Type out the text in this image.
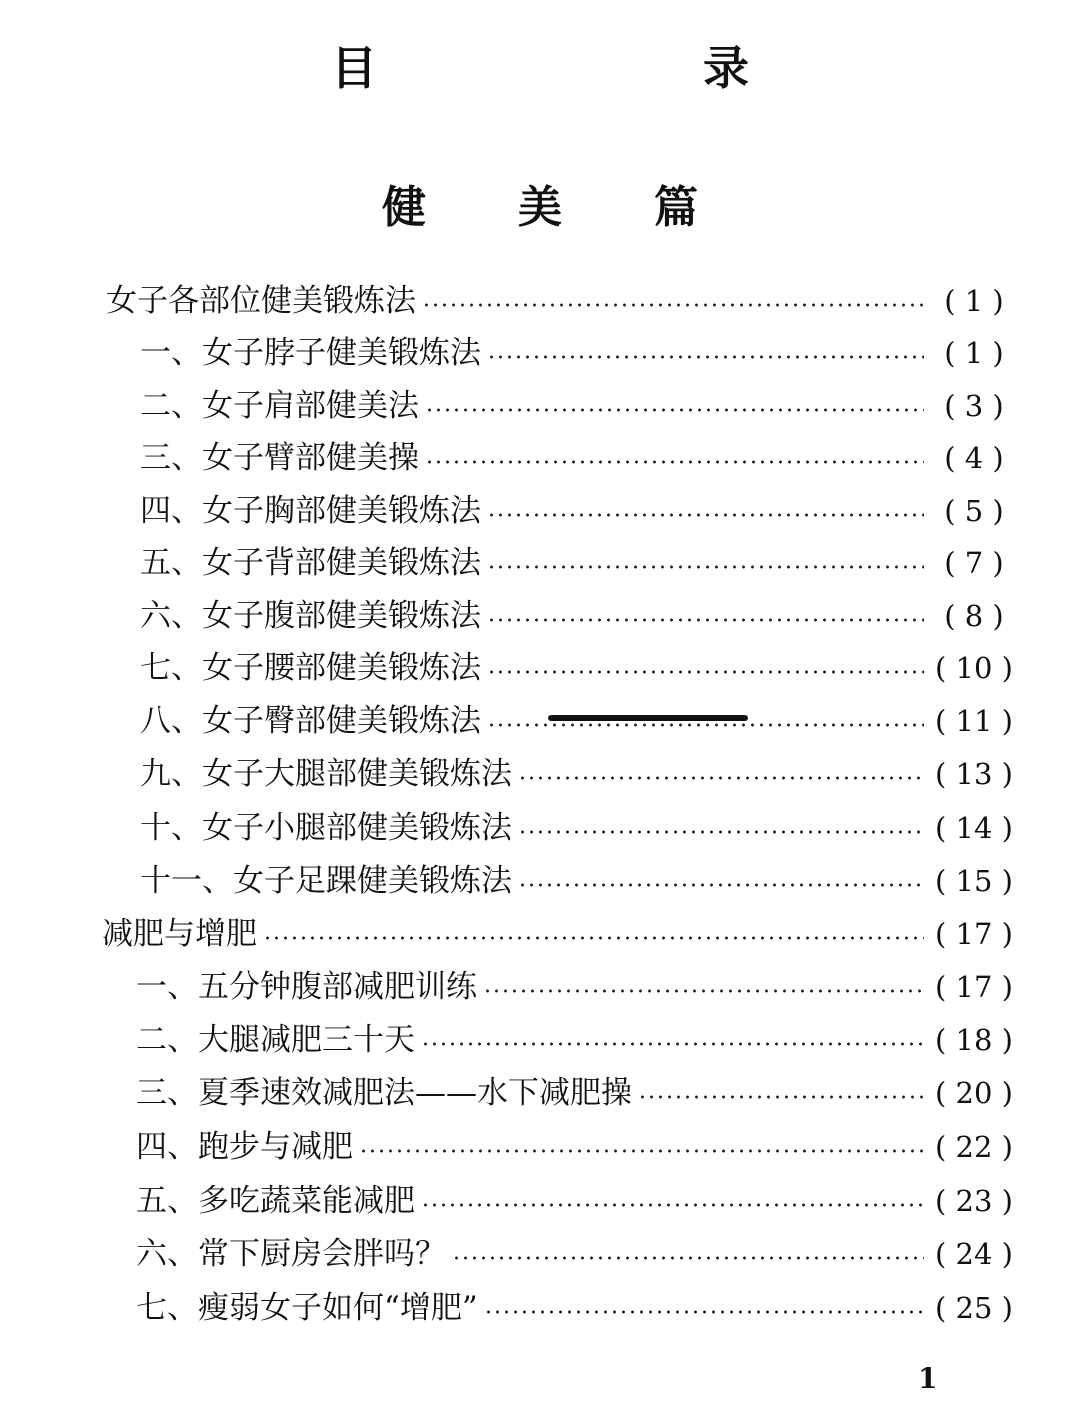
目　录
健美篇
女子各部位健美锻炼法	( 1 )
一、女子脖子健美锻炼法	( 1 )
二、女子肩部健美法	( 3 )
三、女子臂部健美操	( 4 )
四、女子胸部健美锻炼法	( 5 )
五、女子背部健美锻炼法	( 7 )
六、女子腹部健美锻炼法	( 8 )
七、女子腰部健美锻炼法	( 10 )
八、女子臀部健美锻炼法	( 11 )
九、女子大腿部健美锻炼法	( 13 )
十、女子小腿部健美锻炼法	( 14 )
十一、女子足踝健美锻炼法	( 15 )
减肥与增肥	( 17 )
一、五分钟腹部减肥训练	( 17 )
二、大腿减肥三十天	( 18 )
三、夏季速效减肥法——水下减肥操	( 20 )
四、跑步与减肥	( 22 )
五、多吃蔬菜能减肥	( 23 )
六、常下厨房会胖吗？	( 24 )
七、瘦弱女子如何“增肥”	( 25 )
1
